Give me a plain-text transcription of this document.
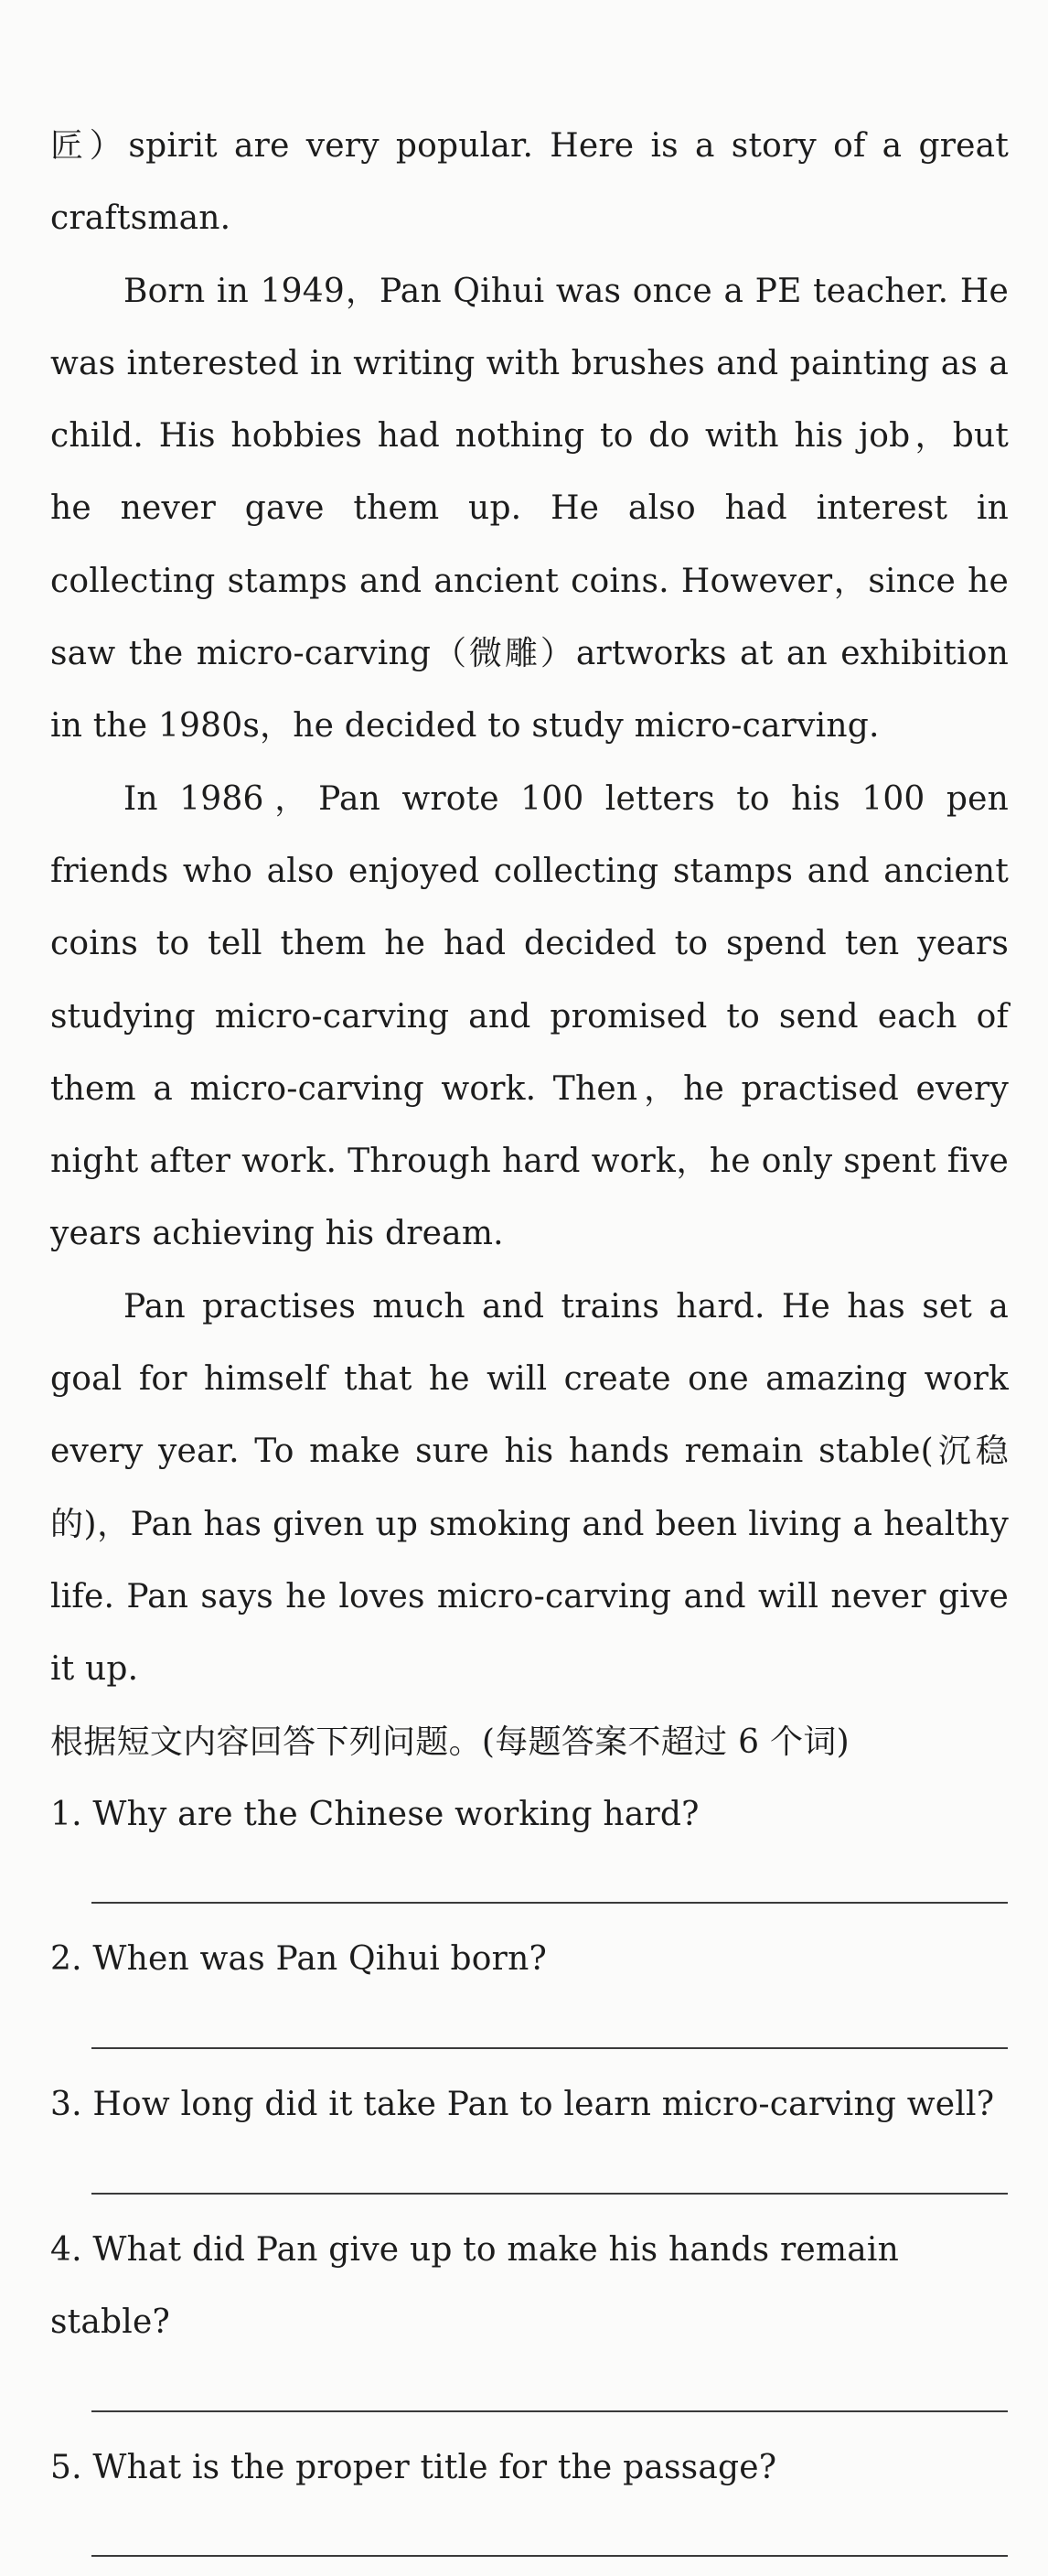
匠）spirit are very popular. Here is a story of a great craftsman.

Born in 1949，Pan Qihui was once a PE teacher. He was interested in writing with brushes and painting as a child. His hobbies had nothing to do with his job，but he never gave them up. He also had interest in collecting stamps and ancient coins. However，since he saw the micro-carving（微雕）artworks at an exhibition in the 1980s，he decided to study micro-carving.

In 1986，Pan wrote 100 letters to his 100 pen friends who also enjoyed collecting stamps and ancient coins to tell them he had decided to spend ten years studying micro-carving and promised to send each of them a micro-carving work. Then，he practised every night after work. Through hard work，he only spent five years achieving his dream.

Pan practises much and trains hard. He has set a goal for himself that he will create one amazing work every year. To make sure his hands remain stable(沉稳的)，Pan has given up smoking and been living a healthy life. Pan says he loves micro-carving and will never give it up.

根据短文内容回答下列问题。(每题答案不超过 6 个词)

1. Why are the Chinese working hard?

2. When was Pan Qihui born?

3. How long did it take Pan to learn micro-carving well?

4. What did Pan give up to make his hands remain stable?

5. What is the proper title for the passage?
